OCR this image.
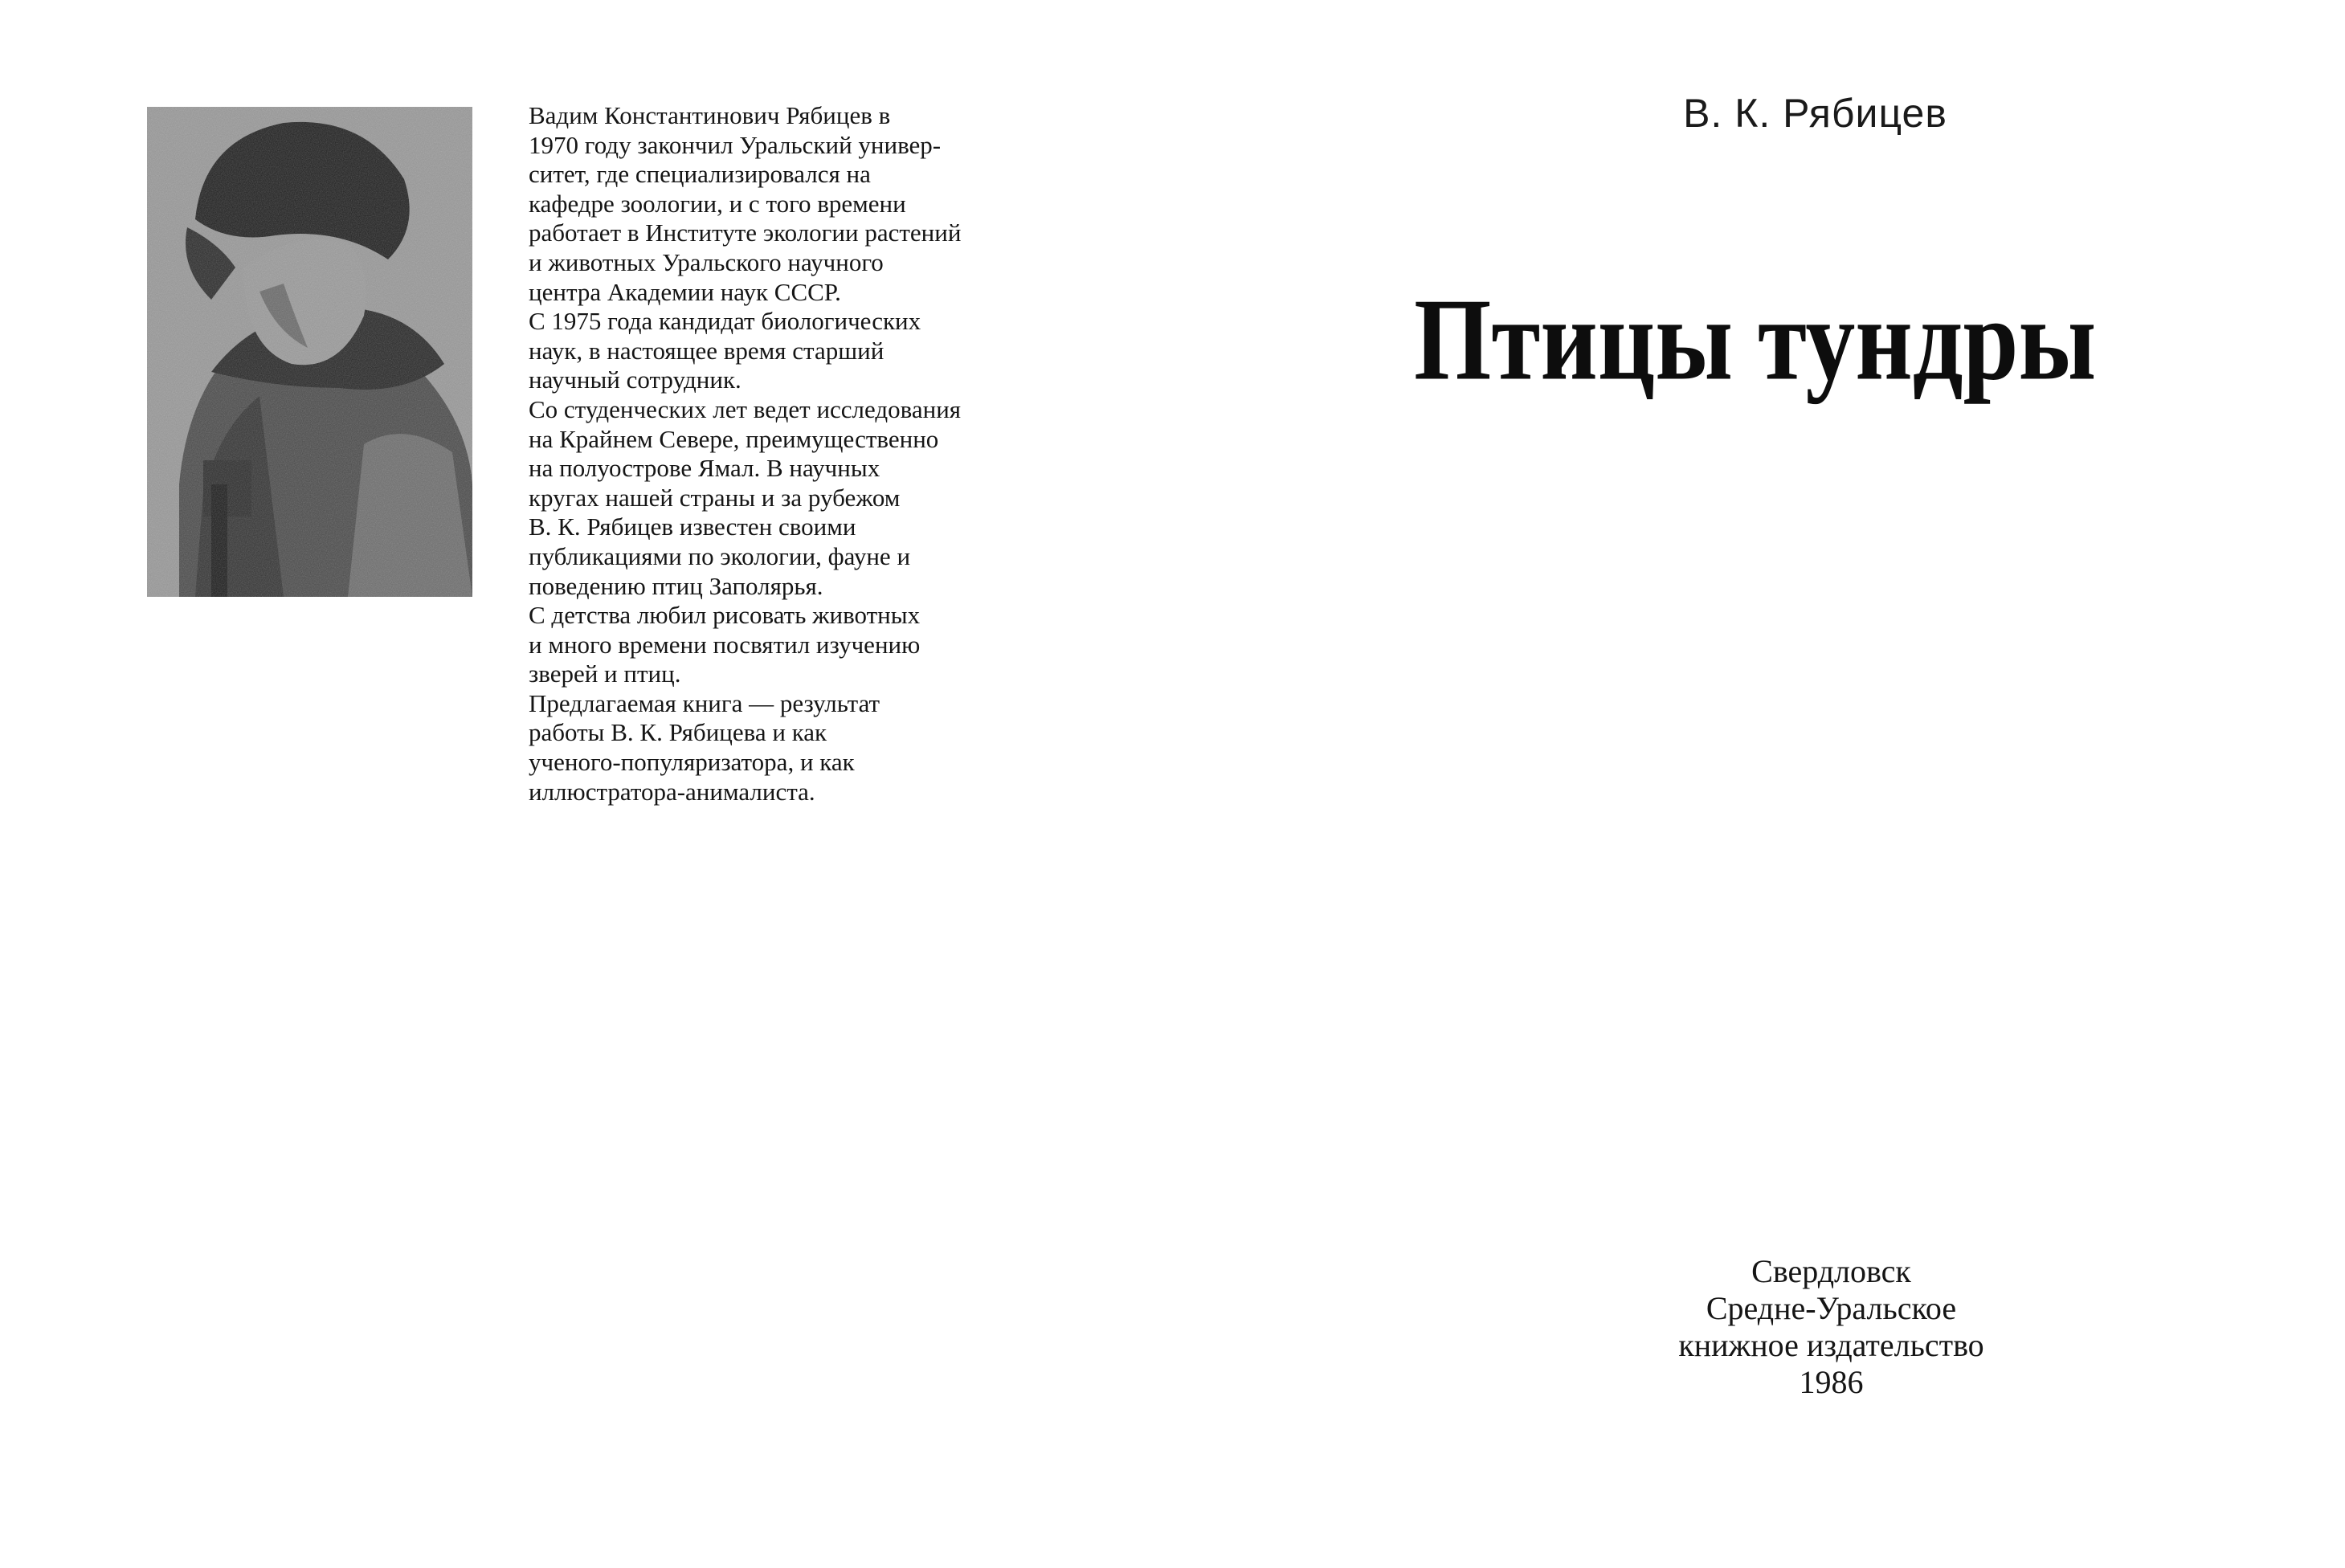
Вадим Константинович Рябицев в
1970 году закончил Уральский универ-
ситет, где специализировался на
кафедре зоологии, и с того времени
работает в Институте экологии растений
и животных Уральского научного
центра Академии наук СССР.
С 1975 года кандидат биологических
наук, в настоящее время старший
научный сотрудник.
Со студенческих лет ведет исследования
на Крайнем Севере, преимущественно
на полуострове Ямал. В научных
кругах нашей страны и за рубежом
В. К. Рябицев известен своими
публикациями по экологии, фауне и
поведению птиц Заполярья.
С детства любил рисовать животных
и много времени посвятил изучению
зверей и птиц.
Предлагаемая книга — результат
работы В. К. Рябицева и как
ученого-популяризатора, и как
иллюстратора-анималиста.
В. К. Рябицев
Птицы тундры
Свердловск
Средне-Уральское
книжное издательство
1986
